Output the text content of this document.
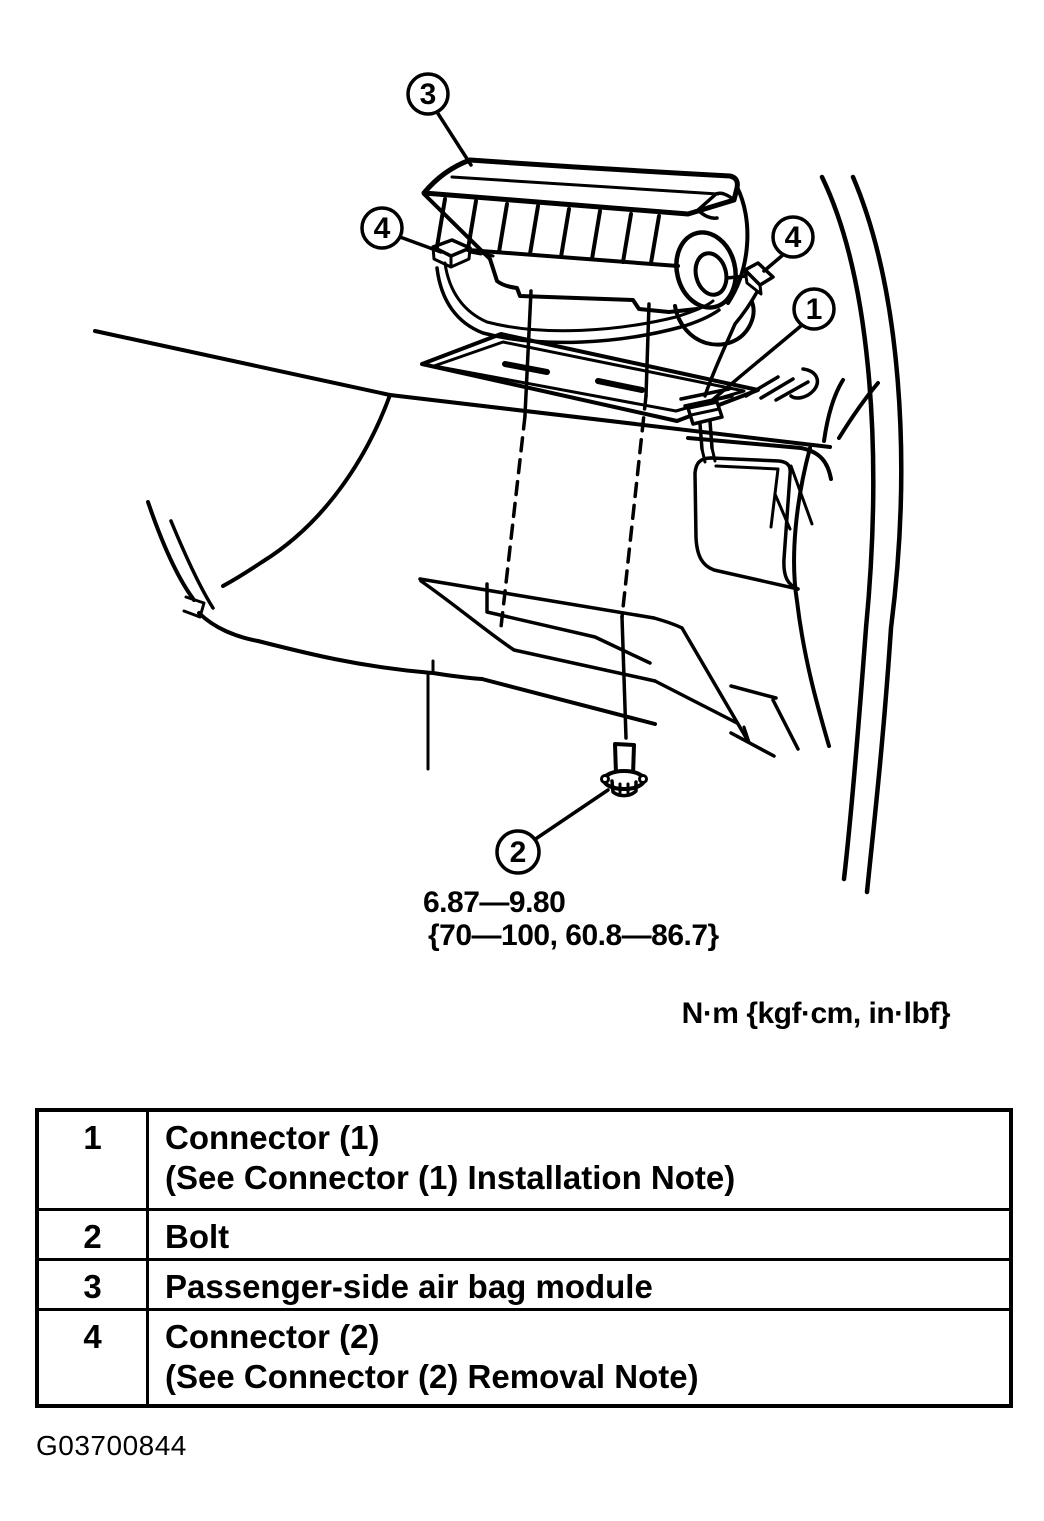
3
4	4
1
2
6.87—9.80
{70—100, 60.8—86.7}
N·m {kgf·cm, in·lbf}
1	Connector (1)
(See Connector (1) Installation Note)
2	Bolt
3	Passenger-side air bag module
4	Connector (2)
(See Connector (2) Removal Note)
G03700844
